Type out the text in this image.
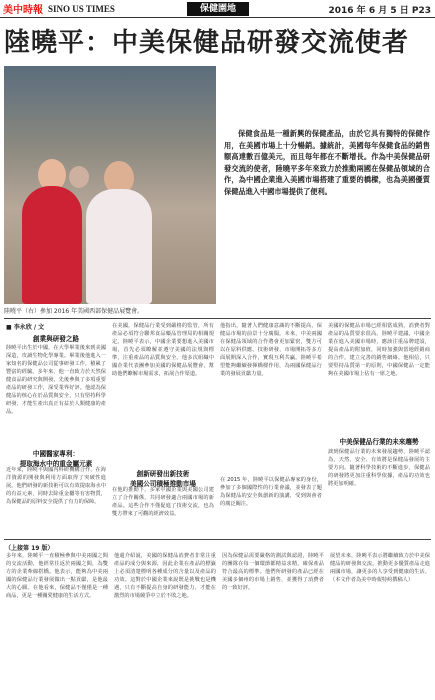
美中時報 SINO US TIMES	保健園地	2016 年 6 月 5 日 P23
陸曉平：中美保健品研發交流使者
陸曉平（右）參加 2016 年美國西部保健品展覽會。
保健食品是一種新興的保健產品，由於它具有獨特的保健作用，在美國市場上十分暢銷。據統計，美國每年保健食品的銷售額高達數百億美元，而且每年都在不斷增長。作為中美保健品研發交流的使者，陸曉平多年來致力於推動兩國在保健品領域的合作，為中國企業進入美國市場搭建了重要的橋樑，也為美國優質保健品進入中國市場提供了便利。
■ 李永欣 / 文
創業與研發之路
陸曉平出生於中國，在大學畢業後來到美國深造，攻讀生物化學專業。畢業後他進入一家知名的保健品公司從事研發工作，積累了豐富的經驗。多年來，他一直致力於天然保健食品的研究與開發，先後參與了多項重要產品的研發工作，深受業界好評。他認為保健品的核心在於品質與安全，只有堅持科學研發，才能生產出真正有益於人類健康的產品。
中國醫家專利：
提取海水中的重金屬元素
近年來，陸曉平與國內科研機構合作，在海洋資源的開發與利用方面取得了突破性進展。他們研發的新技術可以有效提取海水中的有益元素，同時去除重金屬等有害物質，為保健品的原料安全提供了有力的保障。
在美國，保健品行業受到嚴格的監管，所有產品必須符合聯邦食品藥品管理局的相關規定。陸曉平表示，中國企業要想進入美國市場，首先必須瞭解並遵守美國的法規與標準，注重產品的品質與安全。他多次組織中國企業代表團參加美國的保健品展覽會，幫助他們瞭解市場需求，拓展合作渠道。
創新研發出新技術
美國公司積極推動市場
在他的推動下，多家中國企業與美國公司建立了合作關係，共同研發適合兩國市場的新產品。這些合作不僅促進了技術交流，也為雙方帶來了可觀的經濟效益。
他指出，隨著人們健康意識的不斷提高，保健品市場的前景十分廣闊。未來，中美兩國在保健品領域的合作將會更加緊密，雙方可以在原料供應、技術研發、市場開拓等多方面展開深入合作，實現互利共贏。陸曉平希望能夠繼續發揮橋樑作用，為兩國保健品行業的發展貢獻力量。
在 2015 年，陸曉平以保健品專家的身份，參加了多個國際性的行業會議，並發表了題為保健品的安全與創新的演講，受到與會者的廣泛關注。
美國的保健品市場已經相當成熟，消費者對產品的品質要求很高。陸曉平建議，中國企業在進入美國市場時，應該注重品牌建設，提高產品的附加值，同時加強與當地經銷商的合作，建立完善的銷售網絡。他相信，只要堅持品質第一的原則，中國保健品一定能夠在美國市場上佔有一席之地。
中美保健品行業的未來趨勢
談到保健品行業的未來發展趨勢，陸曉平認為，天然、安全、有效將是保健品發展的主要方向。隨著科學技術的不斷進步，保健品的研發將更加注重科學依據，產品的功效也將更加明確。
（上接第 19 版）
多年來，陸曉平一直積極參與中美兩國之間的交流活動，他經常往返於兩國之間，為雙方的企業牽線搭橋。他表示，能夠為中美兩國的保健品行業發展做出一點貢獻，是他最大的心願。在他看來，保健品不僅僅是一種商品，更是一種關愛健康的生活方式。
他還介紹說，美國的保健品消費者非常注重產品的成分與來源，因此企業在產品的標籤上必須清楚標明各種成分的含量以及產品的功效。這對於中國企業來說既是挑戰也是機遇，只有不斷提高自身的研發能力，才能在激烈的市場競爭中立於不敗之地。
因為保健品需要嚴格的測試與認證，陸曉平的團隊在每一個環節都精益求精，確保產品符合最高的標準。他們所研發的產品已經在美國多個州的市場上銷售，並獲得了消費者的一致好評。
展望未來，陸曉平表示將繼續致力於中美保健品的研發與交流，推動更多優質產品走進兩國市場，讓更多的人享受到健康的生活。（本文作者為美中時報特約撰稿人）
